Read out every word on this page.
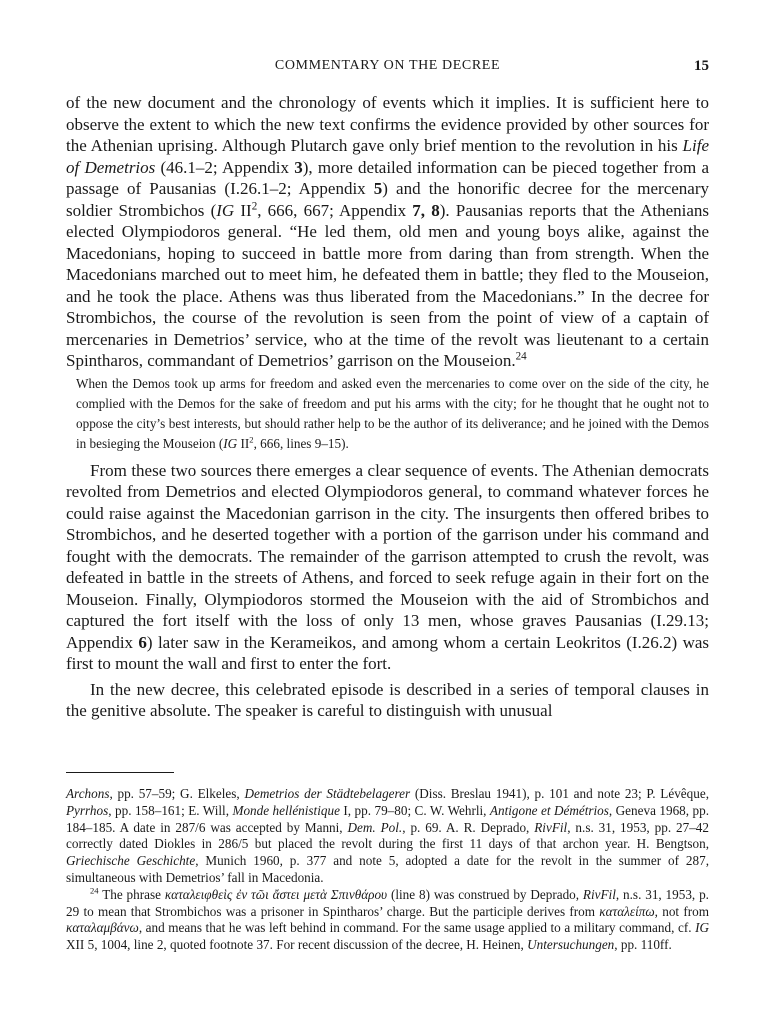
COMMENTARY ON THE DECREE	15

of the new document and the chronology of events which it implies. It is sufficient here to observe the extent to which the new text confirms the evidence provided by other sources for the Athenian uprising. Although Plutarch gave only brief mention to the revolution in his Life of Demetrios (46.1–2; Appendix 3), more detailed information can be pieced together from a passage of Pausanias (I.26.1–2; Appendix 5) and the honorific decree for the mercenary soldier Strombichos (IG $II^2$, 666, 667; Appendix 7, 8). Pausanias reports that the Athenians elected Olympiodoros general. “He led them, old men and young boys alike, against the Macedonians, hoping to succeed in battle more from daring than from strength. When the Macedonians marched out to meet him, he defeated them in battle; they fled to the Mouseion, and he took the place. Athens was thus liberated from the Macedonians.” In the decree for Strombichos, the course of the revolution is seen from the point of view of a captain of mercenaries in Demetrios’ service, who at the time of the revolt was lieutenant to a certain Spintharos, commandant of Demetrios’ garrison on the Mouseion.$^{24}$

When the Demos took up arms for freedom and asked even the mercenaries to come over on the side of the city, he complied with the Demos for the sake of freedom and put his arms with the city; for he thought that he ought not to oppose the city’s best interests, but should rather help to be the author of its deliverance; and he joined with the Demos in besieging the Mouseion (IG $II^2$, 666, lines 9–15).

From these two sources there emerges a clear sequence of events. The Athenian democrats revolted from Demetrios and elected Olympiodoros general, to command whatever forces he could raise against the Macedonian garrison in the city. The insurgents then offered bribes to Strombichos, and he deserted together with a portion of the garrison under his command and fought with the democrats. The remainder of the garrison attempted to crush the revolt, was defeated in battle in the streets of Athens, and forced to seek refuge again in their fort on the Mouseion. Finally, Olympiodoros stormed the Mouseion with the aid of Strombichos and captured the fort itself with the loss of only 13 men, whose graves Pausanias (I.29.13; Appendix 6) later saw in the Kerameikos, and among whom a certain Leokritos (I.26.2) was first to mount the wall and first to enter the fort.

In the new decree, this celebrated episode is described in a series of temporal clauses in the genitive absolute. The speaker is careful to distinguish with unusual

Archons, pp. 57–59; G. Elkeles, Demetrios der Städtebelagerer (Diss. Breslau 1941), p. 101 and note 23; P. Lévêque, Pyrrhos, pp. 158–161; E. Will, Monde hellénistique I, pp. 79–80; C. W. Wehrli, Antigone et Démétrios, Geneva 1968, pp. 184–185. A date in 287/6 was accepted by Manni, Dem. Pol., p. 69. A. R. Deprado, RivFil, n.s. 31, 1953, pp. 27–42 correctly dated Diokles in 286/5 but placed the revolt during the first 11 days of that archon year. H. Bengtson, Griechische Geschichte, Munich 1960, p. 377 and note 5, adopted a date for the revolt in the summer of 287, simultaneous with Demetrios’ fall in Macedonia.

$^{24}$ The phrase καταλειφθεὶς ἐν τῶι ἄστει μετὰ Σπινθάρου (line 8) was construed by Deprado, RivFil, n.s. 31, 1953, p. 29 to mean that Strombichos was a prisoner in Spintharos’ charge. But the participle derives from καταλείπω, not from καταλαμβάνω, and means that he was left behind in command. For the same usage applied to a military command, cf. IG XII 5, 1004, line 2, quoted footnote 37. For recent discussion of the decree, H. Heinen, Untersuchungen, pp. 110ff.
